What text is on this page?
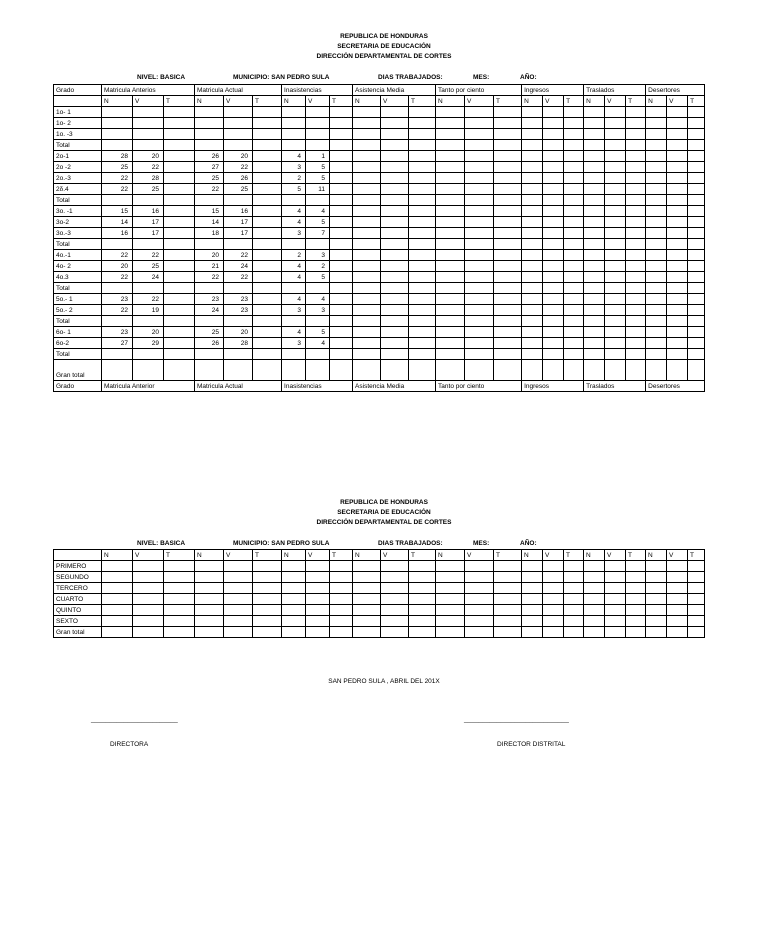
REPUBLICA DE HONDURAS
SECRETARIA DE EDUCACIÓN
DIRECCIÓN DEPARTAMENTAL DE CORTES
NIVEL: BASICA	MUNICIPIO: SAN PEDRO SULA	DIAS TRABAJADOS:	MES:	AÑO:
Grado	Matricula Anterios			Matricula Actual			Inasistencias			Asistencia Media			Tanto por ciento			Ingresos			Traslados			Desertores		
	N	V	T	N	V	T	N	V	T	N	V	T	N	V	T	N	V	T	N	V	T	N	V	T
1o- 1																								
1o- 2																								
1o. -3																								
Total																								
2o-1	28	20		26	20		4	1																
2o -2	25	22		27	22		3	5																
2o.-3	22	28		25	26		2	5																
2δ.4	22	25		22	25		5	11																
Total																								
3o. -1	15	16		15	16		4	4																
3o-2	14	17		14	17		4	5																
3o.-3	16	17		18	17		3	7																
Total																								
4o.-1	22	22		20	22		2	3																
4o- 2	20	25		21	24		4	2																
4o.3	22	24		22	22		4	5																
Total																								
5o.- 1	23	22		23	23		4	4																
5o.- 2	22	19		24	23		3	3																
Total																								
6o- 1	23	20		25	20		4	5																
6o-2	27	29		26	28		3	4																
Total																								
Gran total																								
Grado	Matricula Anterior			Matricula Actual			Inasistencias			Asistencia Media			Tanto por ciento			Ingresos			Traslados			Desertores		
REPUBLICA DE HONDURAS
SECRETARIA DE EDUCACIÓN
DIRECCIÓN DEPARTAMENTAL DE CORTES
NIVEL: BASICA	MUNICIPIO: SAN PEDRO SULA	DIAS TRABAJADOS:	MES:	AÑO:
	N	V	T	N	V	T	N	V	T	N	V	T	N	V	T	N	V	T	N	V	T	N	V	T
PRIMERO																								
SEGUNDO																								
TERCERO																								
CUARTO																								
QUINTO																								
SEXTO																								
Gran total																								
SAN PEDRO SULA , ABRIL DEL 201X
________________________	_____________________________
DIRECTORA	DIRECTOR DISTRITAL
